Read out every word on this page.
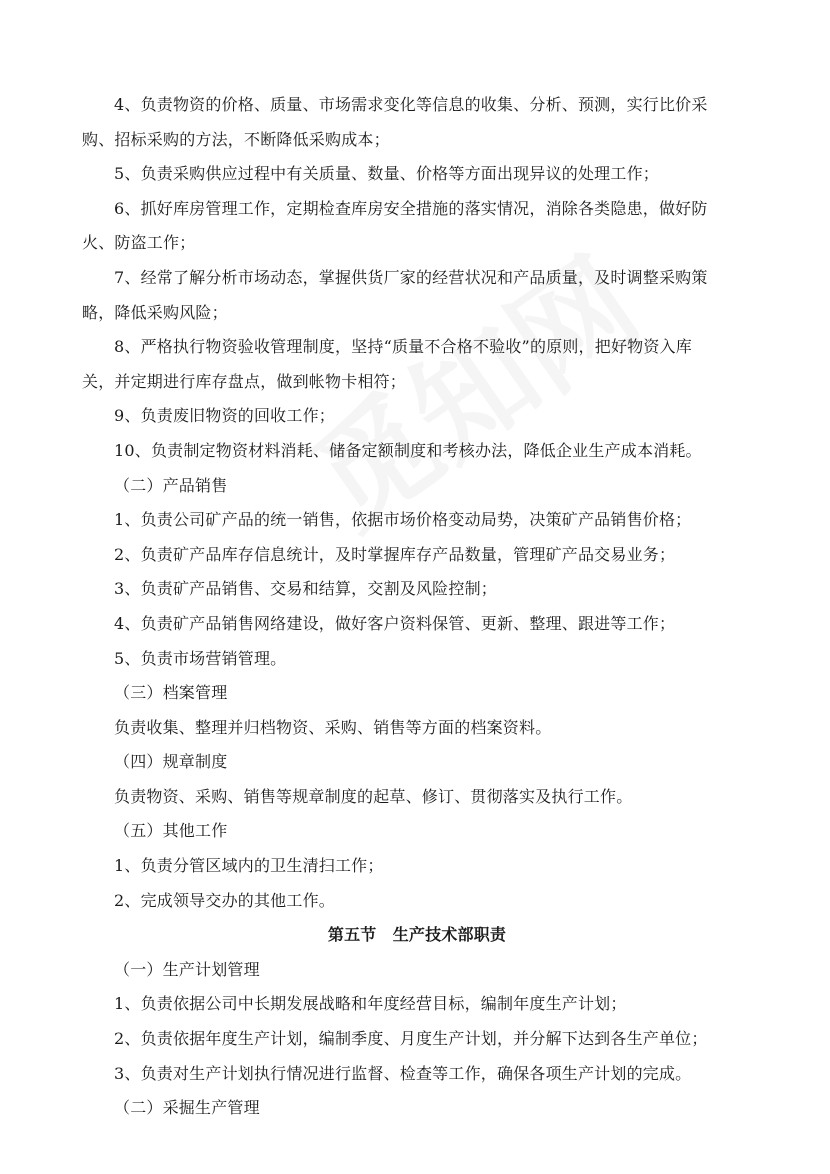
4、负责物资的价格、质量、市场需求变化等信息的收集、分析、预测，实行比价采
购、招标采购的方法，不断降低采购成本；
5、负责采购供应过程中有关质量、数量、价格等方面出现异议的处理工作；
6、抓好库房管理工作，定期检查库房安全措施的落实情况，消除各类隐患，做好防
火、防盗工作；
7、经常了解分析市场动态，掌握供货厂家的经营状况和产品质量，及时调整采购策
略，降低采购风险；
8、严格执行物资验收管理制度，坚持“质量不合格不验收”的原则，把好物资入库
关，并定期进行库存盘点，做到帐物卡相符；
9、负责废旧物资的回收工作；
10、负责制定物资材料消耗、储备定额制度和考核办法，降低企业生产成本消耗。
（二）产品销售
1、负责公司矿产品的统一销售，依据市场价格变动局势，决策矿产品销售价格；
2、负责矿产品库存信息统计，及时掌握库存产品数量，管理矿产品交易业务；
3、负责矿产品销售、交易和结算，交割及风险控制；
4、负责矿产品销售网络建设，做好客户资料保管、更新、整理、跟进等工作；
5、负责市场营销管理。
（三）档案管理
负责收集、整理并归档物资、采购、销售等方面的档案资料。
（四）规章制度
负责物资、采购、销售等规章制度的起草、修订、贯彻落实及执行工作。
（五）其他工作
1、负责分管区域内的卫生清扫工作；
2、完成领导交办的其他工作。
第五节　生产技术部职责
（一）生产计划管理
1、负责依据公司中长期发展战略和年度经营目标，编制年度生产计划；
2、负责依据年度生产计划，编制季度、月度生产计划，并分解下达到各生产单位；
3、负责对生产计划执行情况进行监督、检查等工作，确保各项生产计划的完成。
（二）采掘生产管理
